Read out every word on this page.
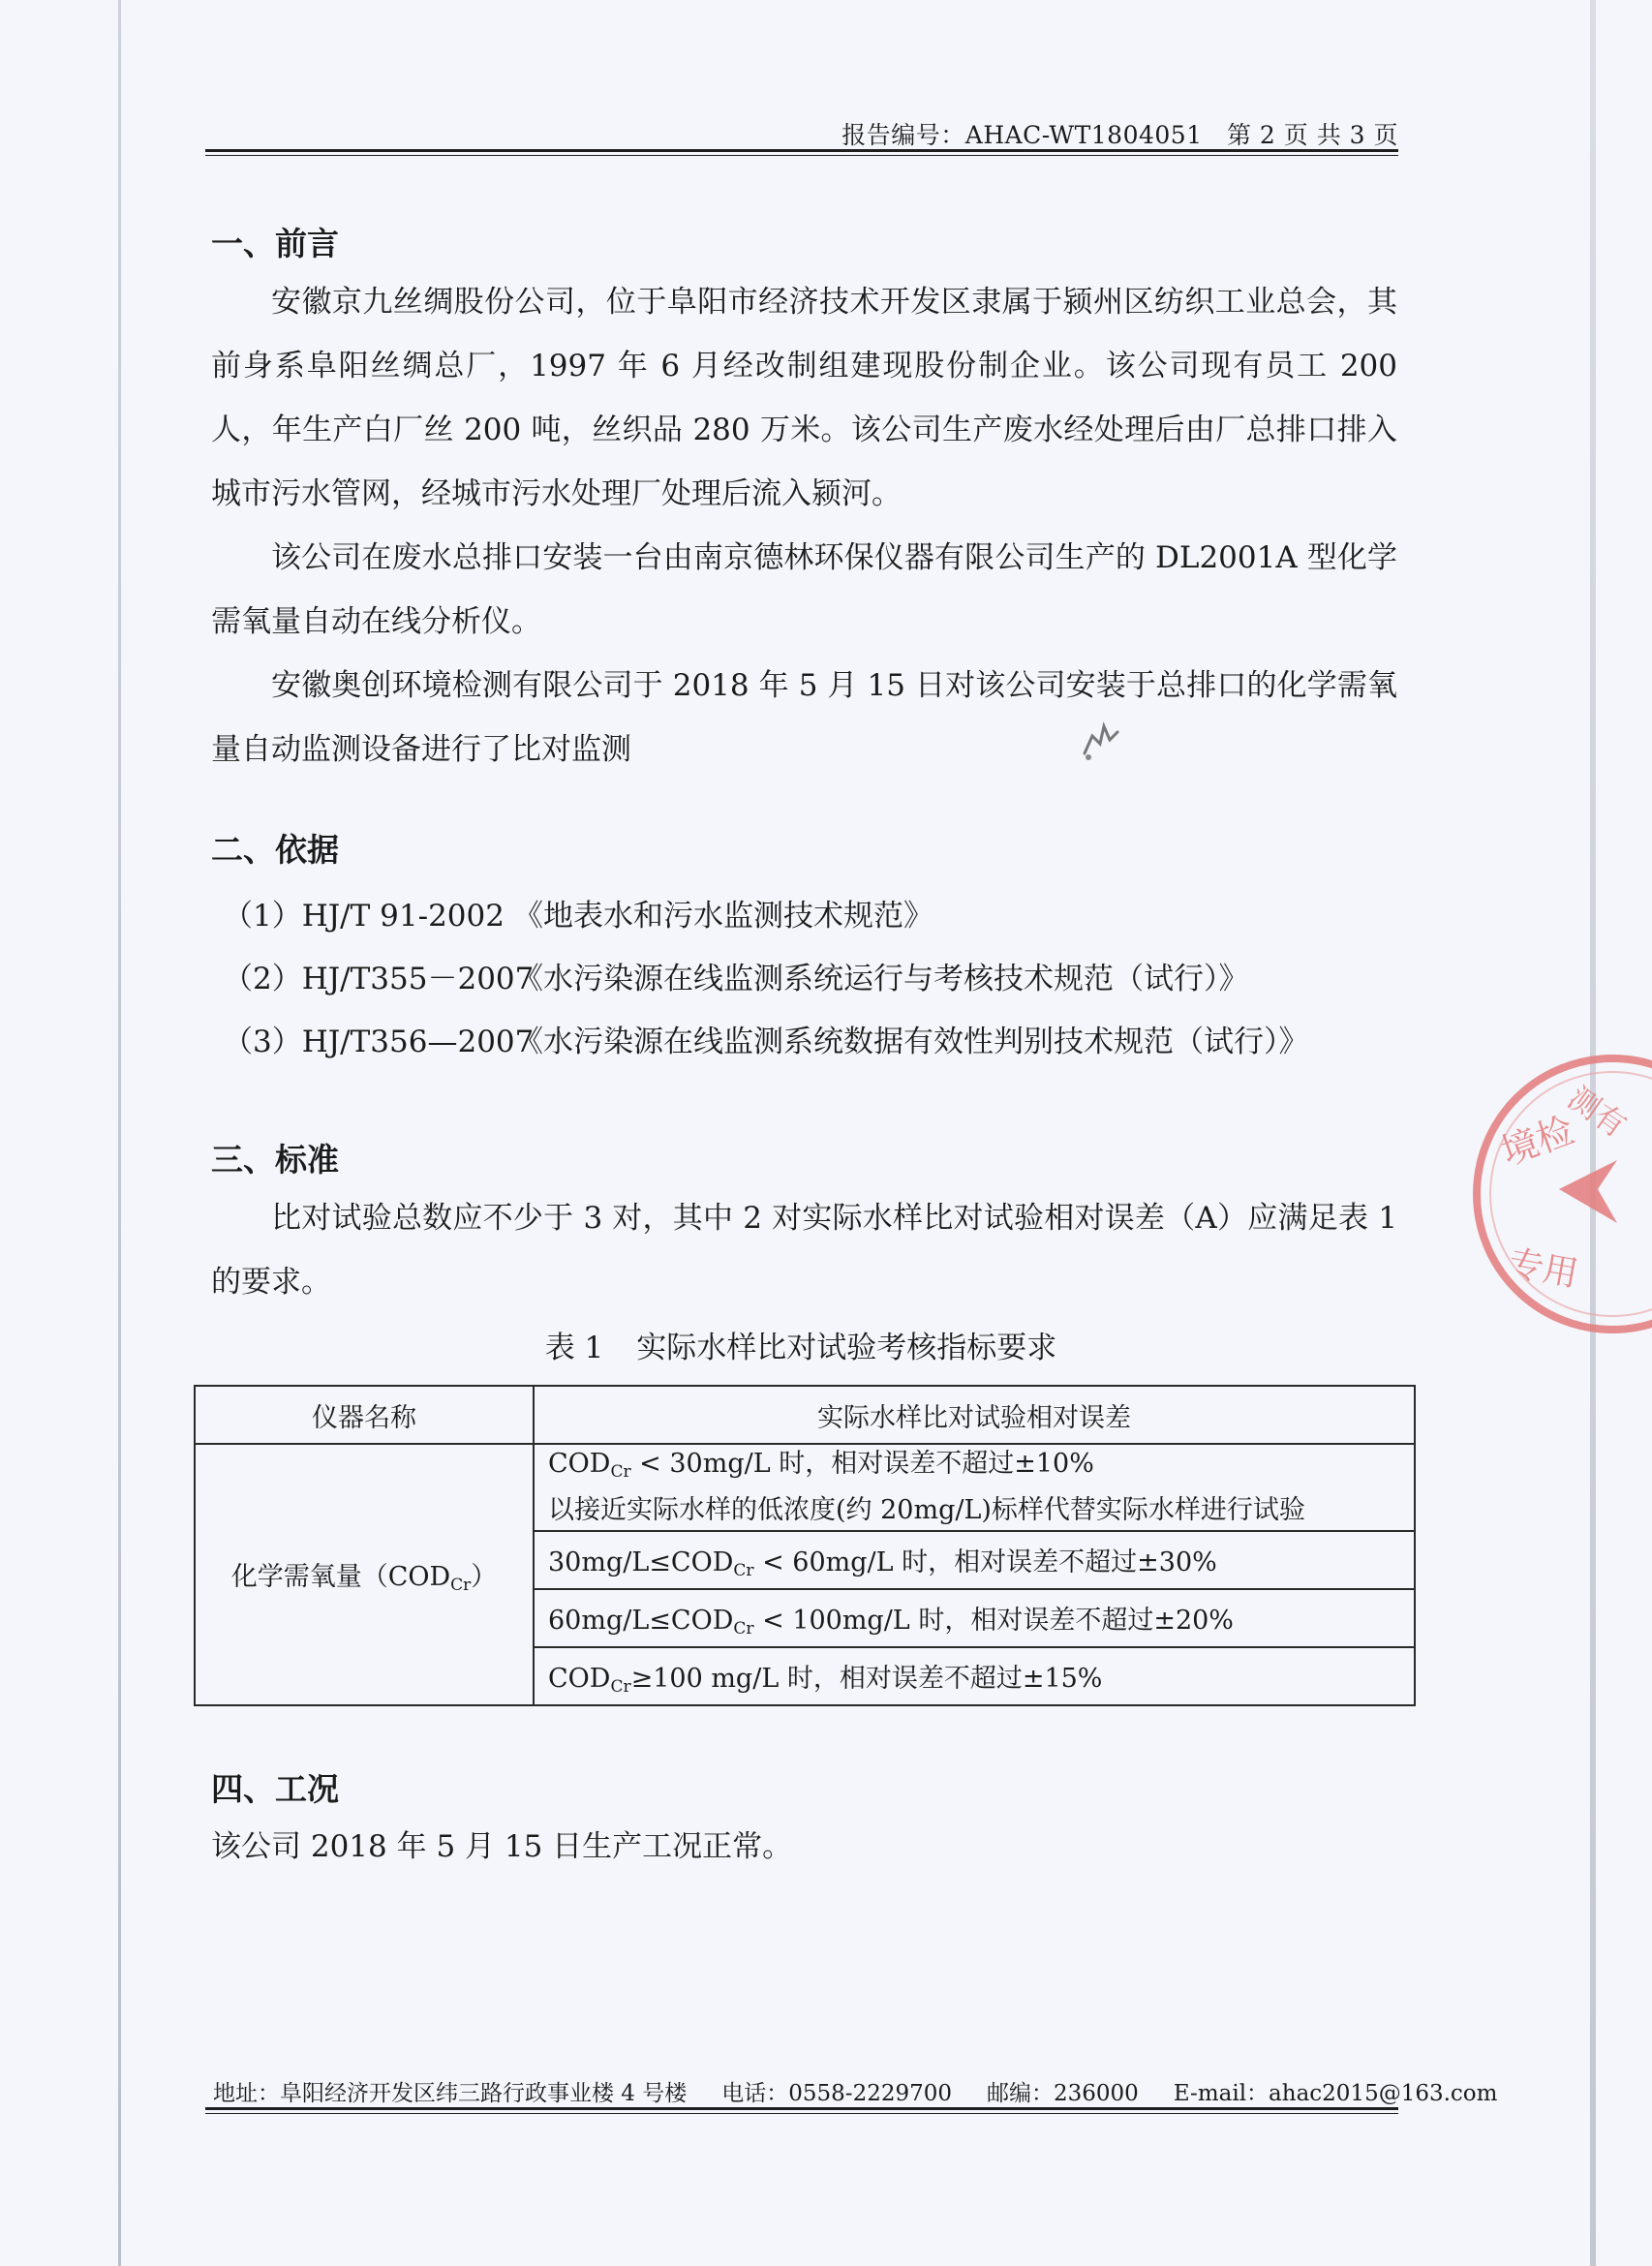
报告编号：AHAC-WT1804051 第 2 页 共 3 页
一、前言
安徽京九丝绸股份公司，位于阜阳市经济技术开发区隶属于颍州区纺织工业总会，其前身系阜阳丝绸总厂，1997 年 6 月经改制组建现股份制企业。该公司现有员工 200 人，年生产白厂丝 200 吨，丝织品 280 万米。该公司生产废水经处理后由厂总排口排入城市污水管网，经城市污水处理厂处理后流入颍河。
该公司在废水总排口安装一台由南京德林环保仪器有限公司生产的 DL2001A 型化学需氧量自动在线分析仪。
安徽奥创环境检测有限公司于 2018 年 5 月 15 日对该公司安装于总排口的化学需氧量自动监测设备进行了比对监测
二、依据
（1）HJ/T 91-2002 《地表水和污水监测技术规范》
（2）HJ/T355－2007《水污染源在线监测系统运行与考核技术规范（试行）》
（3）HJ/T356—2007《水污染源在线监测系统数据有效性判别技术规范（试行）》
三、标准
比对试验总数应不少于 3 对，其中 2 对实际水样比对试验相对误差（A）应满足表 1 的要求。
表 1 实际水样比对试验考核指标要求
仪器名称	实际水样比对试验相对误差
化学需氧量$(COD_{Cr})$	$COD_{Cr} < 30mg/L$ 时，相对误差不超过±10%
以接近实际水样的低浓度(约 20mg/L)标样代替实际水样进行试验
	$30mg/L\le COD_{Cr} < 60mg/L$ 时，相对误差不超过±30%
	$60mg/L\le COD_{Cr} < 100mg/L$ 时，相对误差不超过±20%
	$COD_{Cr}\ge 100$ mg/L 时，相对误差不超过±15%
四、工况
该公司 2018 年 5 月 15 日生产工况正常。
地址：阜阳经济开发区纬三路行政事业楼 4 号楼 电话：0558-2229700 邮编：236000 E-mail：ahac2015@163.com
境检
测有
专用
